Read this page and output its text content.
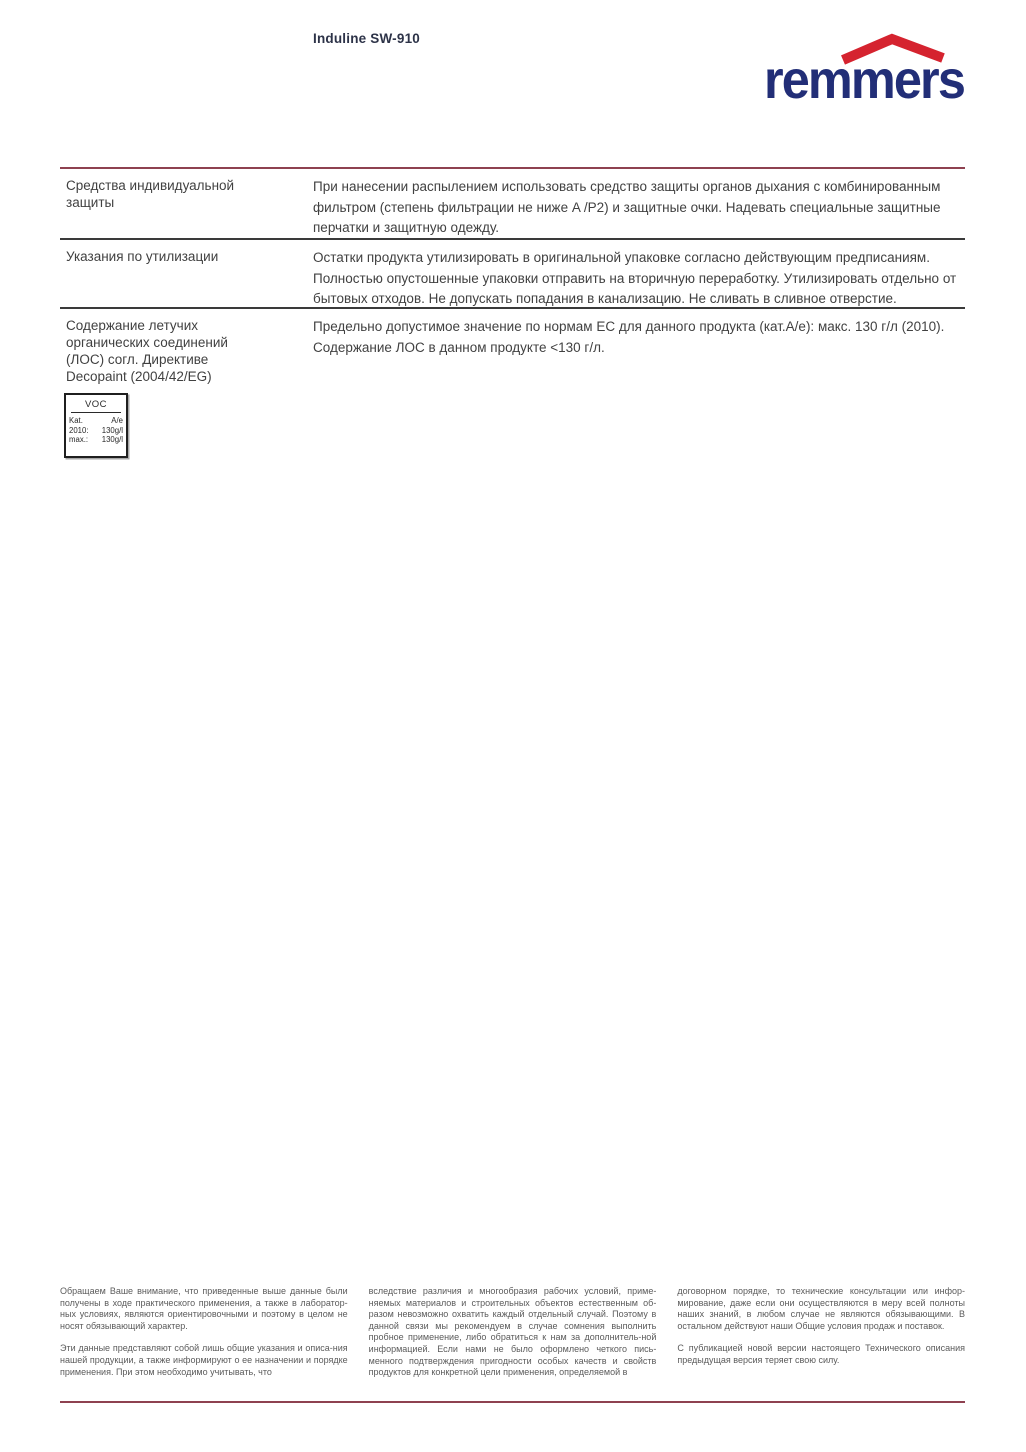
Induline SW-910
remmers
Средства индивидуальной защиты
При нанесении распылением использовать средство защиты органов дыхания с комбинированным фильтром (степень фильтрации не ниже A /P2) и защитные очки. Надевать специальные защитные перчатки и защитную одежду.
Указания по утилизации	Остатки продукта утилизировать в оригинальной упаковке согласно действующим предписаниям. Полностью опустошенные упаковки отправить на вторичную переработку. Утилизировать отдельно от бытовых отходов. Не допускать попадания в канализацию. Не сливать в сливное отверстие.
Содержание летучих органических соединений (ЛОС) согл. Директиве Decopaint (2004/42/EG)
VOC
Kat.	A/e
2010: 130g/l
max.: 130g/l
Предельно допустимое значение по нормам ЕС для данного продукта (кат.А/е): макс. 130 г/л (2010). Содержание ЛОС в данном продукте <130 г/л.

Обращаем Ваше внимание, что приведенные выше данные были получены в ходе практического применения, а также в лаборатор-ных условиях, являются ориентировочными и поэтому в целом не носят обязывающий характер.

Эти данные представляют собой лишь общие указания и описа-ния нашей продукции, а также информируют о ее назначении и порядке применения. При этом необходимо учитывать, что

вследствие различия и многообразия рабочих условий, приме-няемых материалов и строительных объектов естественным об-разом невозможно охватить каждый отдельный случай. Поэтому в данной связи мы рекомендуем в случае сомнения выполнить пробное применение, либо обратиться к нам за дополнитель-ной информацией. Если нами не было оформлено четкого пись-менного подтверждения пригодности особых качеств и свойств продуктов для конкретной цели применения, определяемой в

договорном порядке, то технические консультации или инфор-мирование, даже если они осуществляются в меру всей полноты наших знаний, в любом случае не являются обязывающими. В остальном действуют наши Общие условия продаж и поставок.

С публикацией новой версии настоящего Технического описания предыдущая версия теряет свою силу.
